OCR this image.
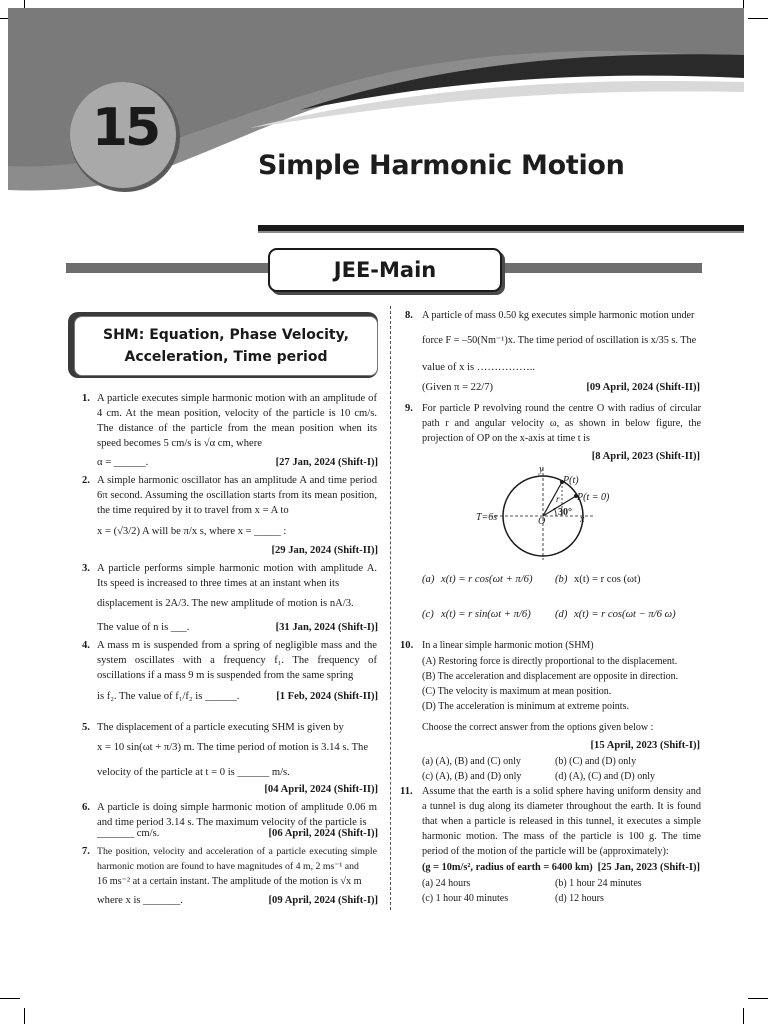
15
Simple Harmonic Motion
JEE-Main
SHM: Equation, Phase Velocity,
Acceleration, Time period
1. A particle executes simple harmonic motion with an amplitude of 4 cm. At the mean position, velocity of the particle is 10 cm/s. The distance of the particle from the mean position when its speed becomes 5 cm/s is √α cm, where
α = ______.	[27 Jan, 2024 (Shift-I)]
2. A simple harmonic oscillator has an amplitude A and time period 6π second. Assuming the oscillation starts from its mean position, the time required by it to travel from x = A to
x = (√3/2) A will be π/x s, where x = _____ :
[29 Jan, 2024 (Shift-II)]
3. A particle performs simple harmonic motion with amplitude A. Its speed is increased to three times at an instant when its
displacement is 2A/3. The new amplitude of motion is nA/3.
The value of n is ___.	[31 Jan, 2024 (Shift-I)]
4. A mass m is suspended from a spring of negligible mass and the system oscillates with a frequency f₁. The frequency of oscillations if a mass 9 m is suspended from the same spring
is f₂. The value of f₁/f₂ is ______.	[1 Feb, 2024 (Shift-II)]
5. The displacement of a particle executing SHM is given by
x = 10 sin(ωt + π/3) m. The time period of motion is 3.14 s. The
velocity of the particle at t = 0 is ______ m/s.
[04 April, 2024 (Shift-II)]
6. A particle is doing simple harmonic motion of amplitude 0.06 m and time period 3.14 s. The maximum velocity of the particle is
_______ cm/s.	[06 April, 2024 (Shift-I)]
7. The position, velocity and acceleration of a particle executing simple harmonic motion are found to have magnitudes of 4 m, 2 ms⁻¹ and
16 ms⁻² at a certain instant. The amplitude of the motion is √x m
where x is _______.	[09 April, 2024 (Shift-I)]
8. A particle of mass 0.50 kg executes simple harmonic motion under
force F = –50(Nm⁻¹)x. The time period of oscillation is x/35 s. The
value of x is ……………..
(Given π = 22/7)	[09 April, 2024 (Shift-II)]
9. For particle P revolving round the centre O with radius of circular path r and angular velocity ω, as shown in below figure, the projection of OP on the x-axis at time t is
[8 April, 2023 (Shift-II)]
y
P(t)
P(t = 0)
r
30°
O	x
T=6s
(a) x(t) = r cos(ωt + π/6) (b) x(t) = r cos (ωt)
(c) x(t) = r sin(ωt + π/6) (d) x(t) = r cos(ωt − π/6 ω)
10. In a linear simple harmonic motion (SHM)
(A) Restoring force is directly proportional to the displacement.
(B) The acceleration and displacement are opposite in direction.
(C) The velocity is maximum at mean position.
(D) The acceleration is minimum at extreme points.
Choose the correct answer from the options given below :
[15 April, 2023 (Shift-I)]
(a) (A), (B) and (C) only	(b) (C) and (D) only
(c) (A), (B) and (D) only	(d) (A), (C) and (D) only
11. Assume that the earth is a solid sphere having uniform density and a tunnel is dug along its diameter throughout the earth. It is found that when a particle is released in this tunnel, it executes a simple harmonic motion. The mass of the particle is 100 g. The time period of the motion of the particle will be (approximately):
(g = 10m/s², radius of earth = 6400 km) [25 Jan, 2023 (Shift-I)]
(a) 24 hours	(b) 1 hour 24 minutes
(c) 1 hour 40 minutes	(d) 12 hours
